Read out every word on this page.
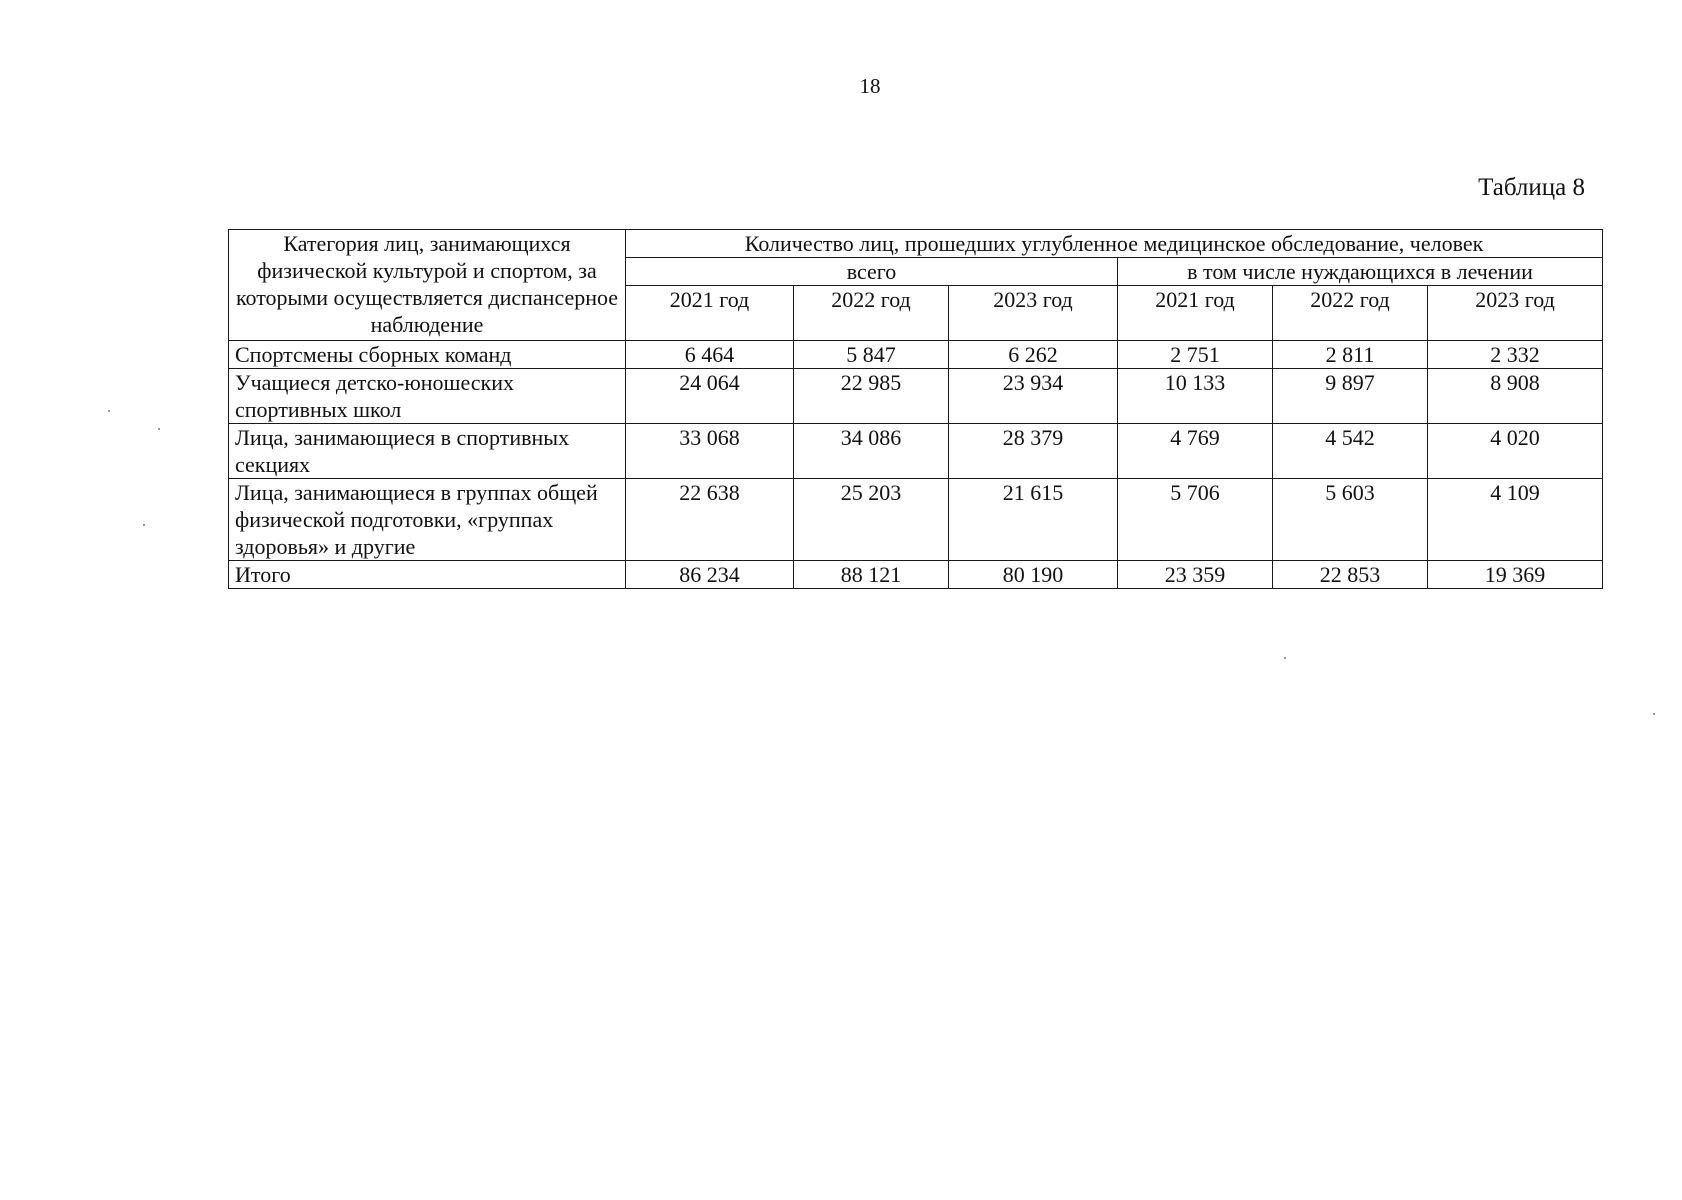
18
Таблица 8
Категория лиц, занимающихся физической культурой и спортом, за которыми осуществляется диспансерное наблюдение	Количество лиц, прошедших углубленное медицинское обследование, человек					
	всего			в том числе нуждающихся в лечении		
	2021 год	2022 год	2023 год	2021 год	2022 год	2023 год
Спортсмены сборных команд	6 464	5 847	6 262	2 751	2 811	2 332
Учащиеся детско-юношеских спортивных школ	24 064	22 985	23 934	10 133	9 897	8 908
Лица, занимающиеся в спортивных секциях	33 068	34 086	28 379	4 769	4 542	4 020
Лица, занимающиеся в группах общей физической подготовки, «группах здоровья» и другие	22 638	25 203	21 615	5 706	5 603	4 109
Итого	86 234	88 121	80 190	23 359	22 853	19 369
